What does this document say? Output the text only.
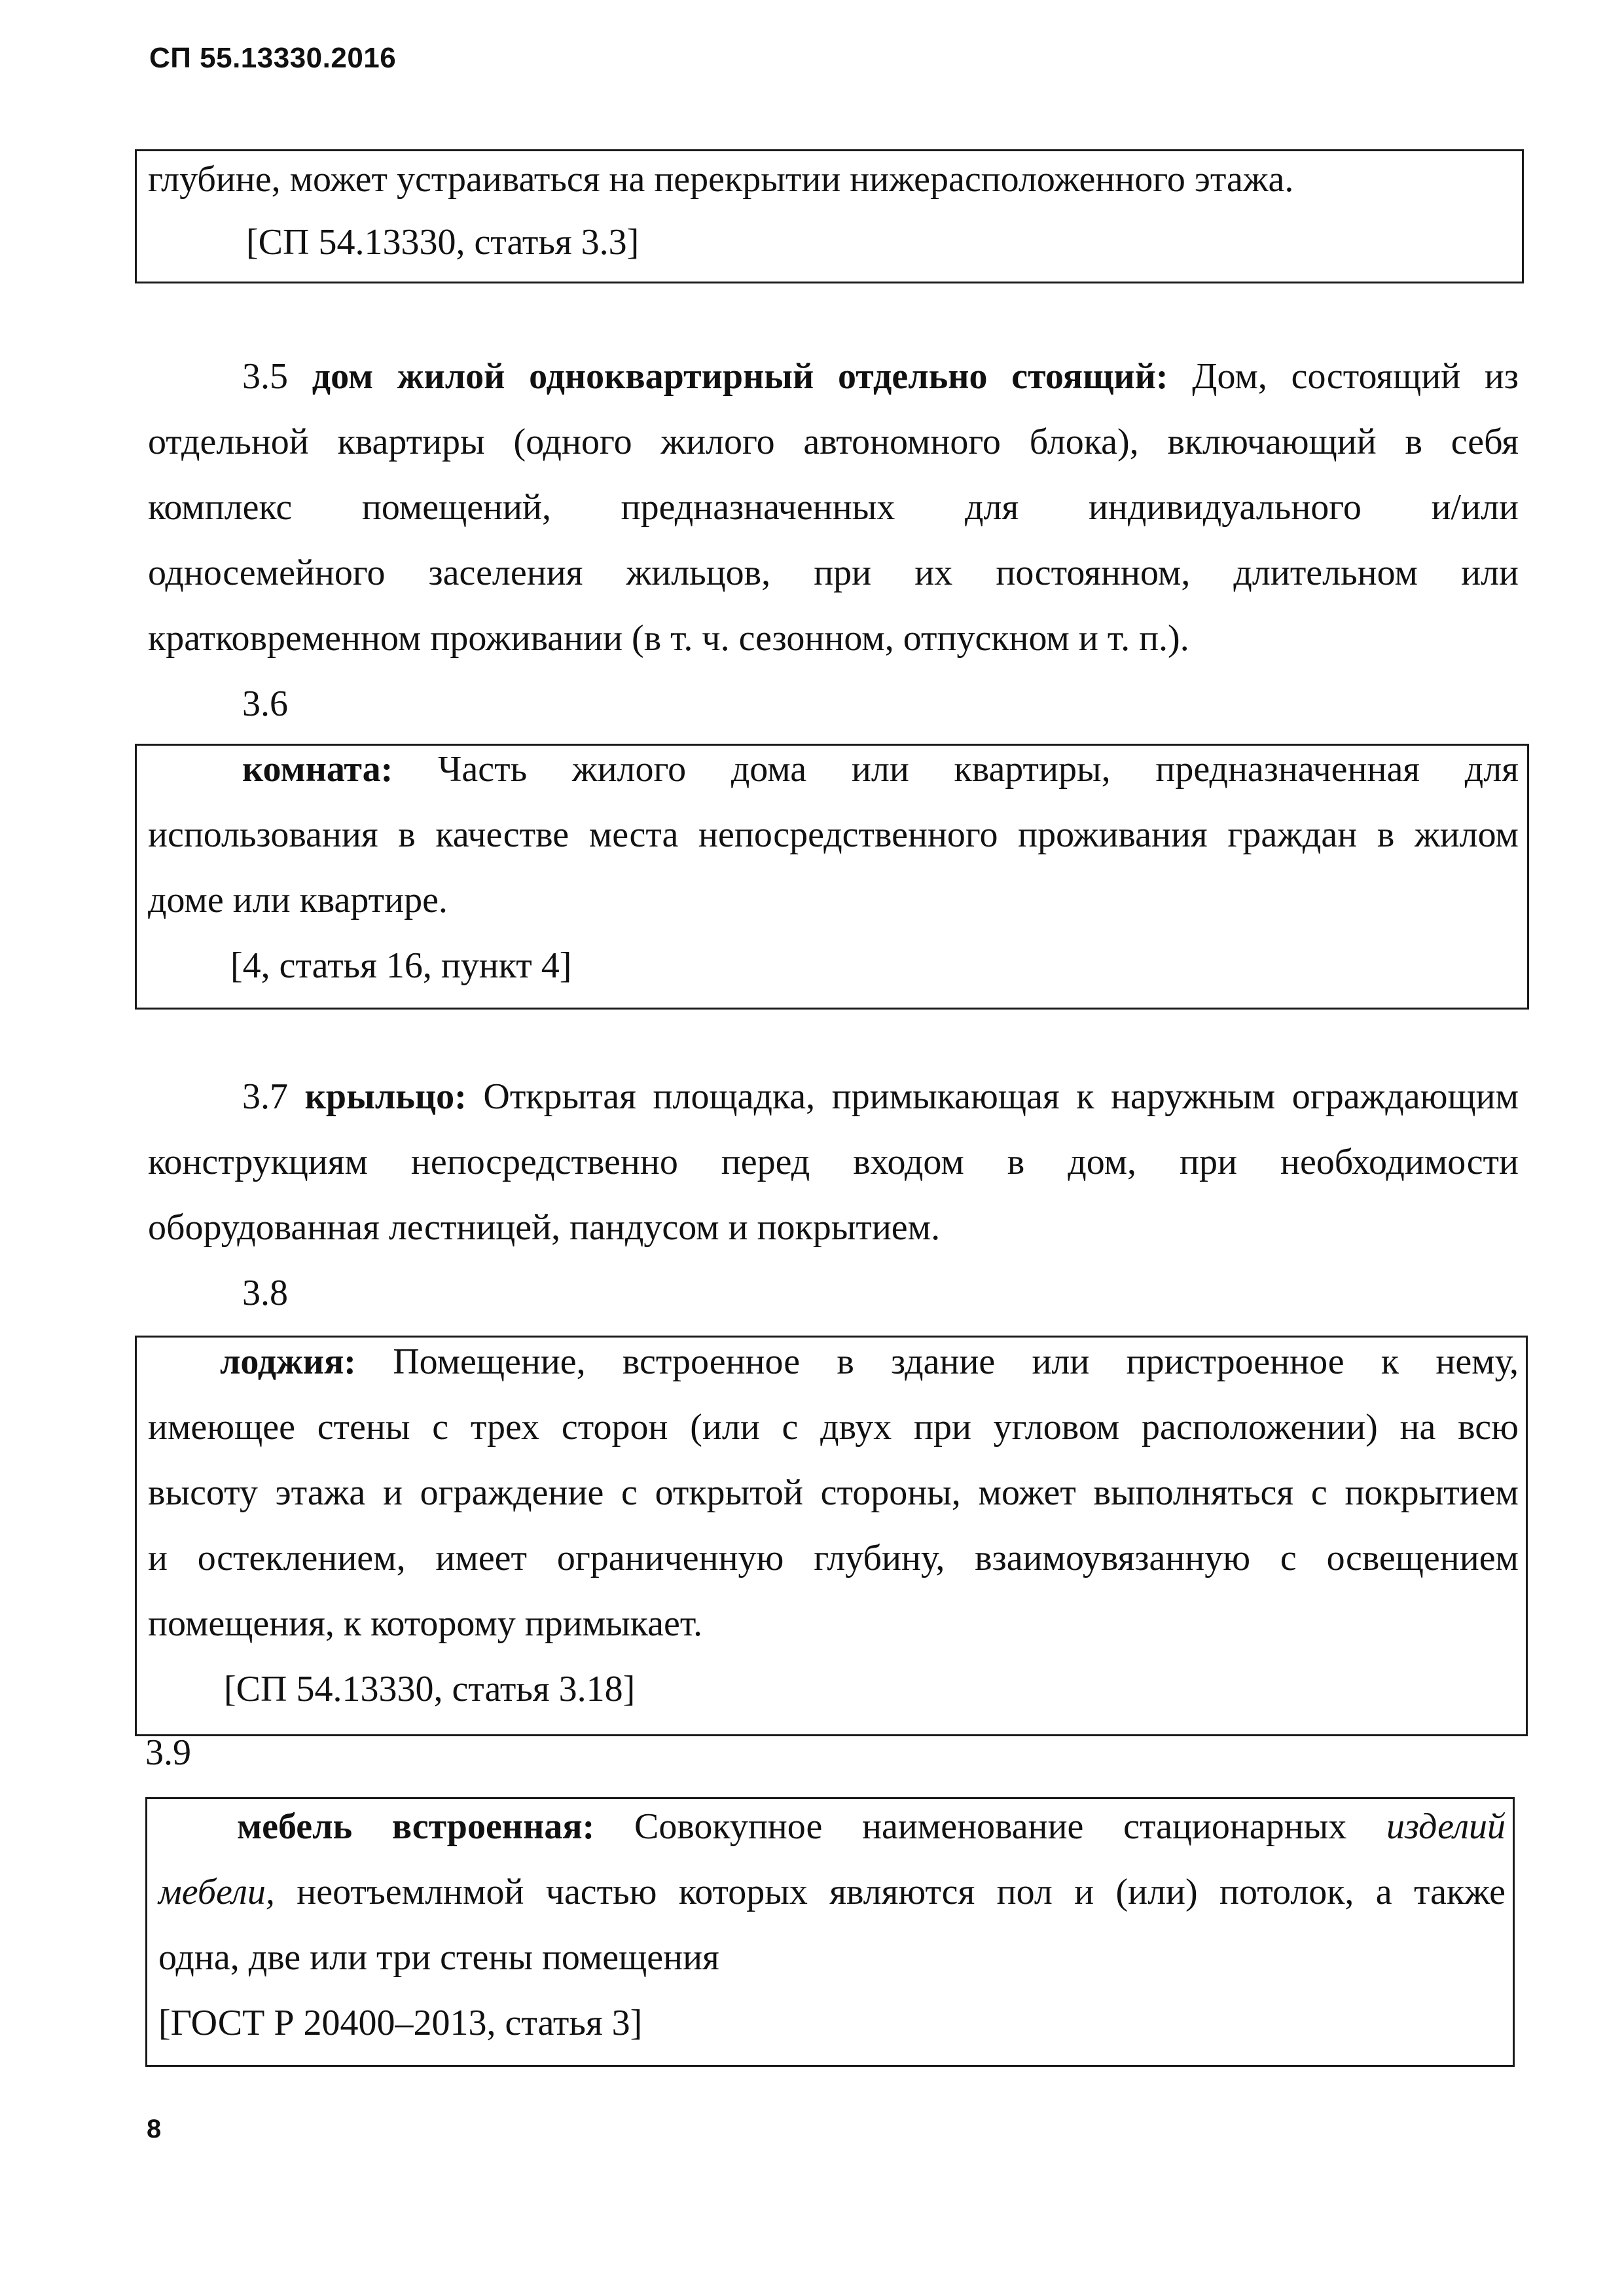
СП 55.13330.2016
глубине, может устраиваться на перекрытии нижерасположенного этажа.
[СП 54.13330, статья 3.3]
3.5 дом жилой одноквартирный отдельно стоящий: Дом, состоящий из
отдельной квартиры (одного жилого автономного блока), включающий в себя
комплекс помещений, предназначенных для индивидуального и/или
односемейного заселения жильцов, при их постоянном, длительном или
кратковременном проживании (в т. ч. сезонном, отпускном и т. п.).
3.6
комната: Часть жилого дома или квартиры, предназначенная для
использования в качестве места непосредственного проживания граждан в жилом
доме или квартире.
[4, статья 16, пункт 4]
3.7 крыльцо: Открытая площадка, примыкающая к наружным ограждающим
конструкциям непосредственно перед входом в дом, при необходимости
оборудованная лестницей, пандусом и покрытием.
3.8
лоджия: Помещение, встроенное в здание или пристроенное к нему,
имеющее стены с трех сторон (или с двух при угловом расположении) на всю
высоту этажа и ограждение с открытой стороны, может выполняться с покрытием
и остеклением, имеет ограниченную глубину, взаимоувязанную с освещением
помещения, к которому примыкает.
[СП 54.13330, статья 3.18]
3.9
мебель встроенная: Совокупное наименование стационарных изделий
мебели, неотъемлнмой частью которых являются пол и (или) потолок, а также
одна, две или три стены помещения
[ГОСТ Р 20400–2013, статья 3]
8
